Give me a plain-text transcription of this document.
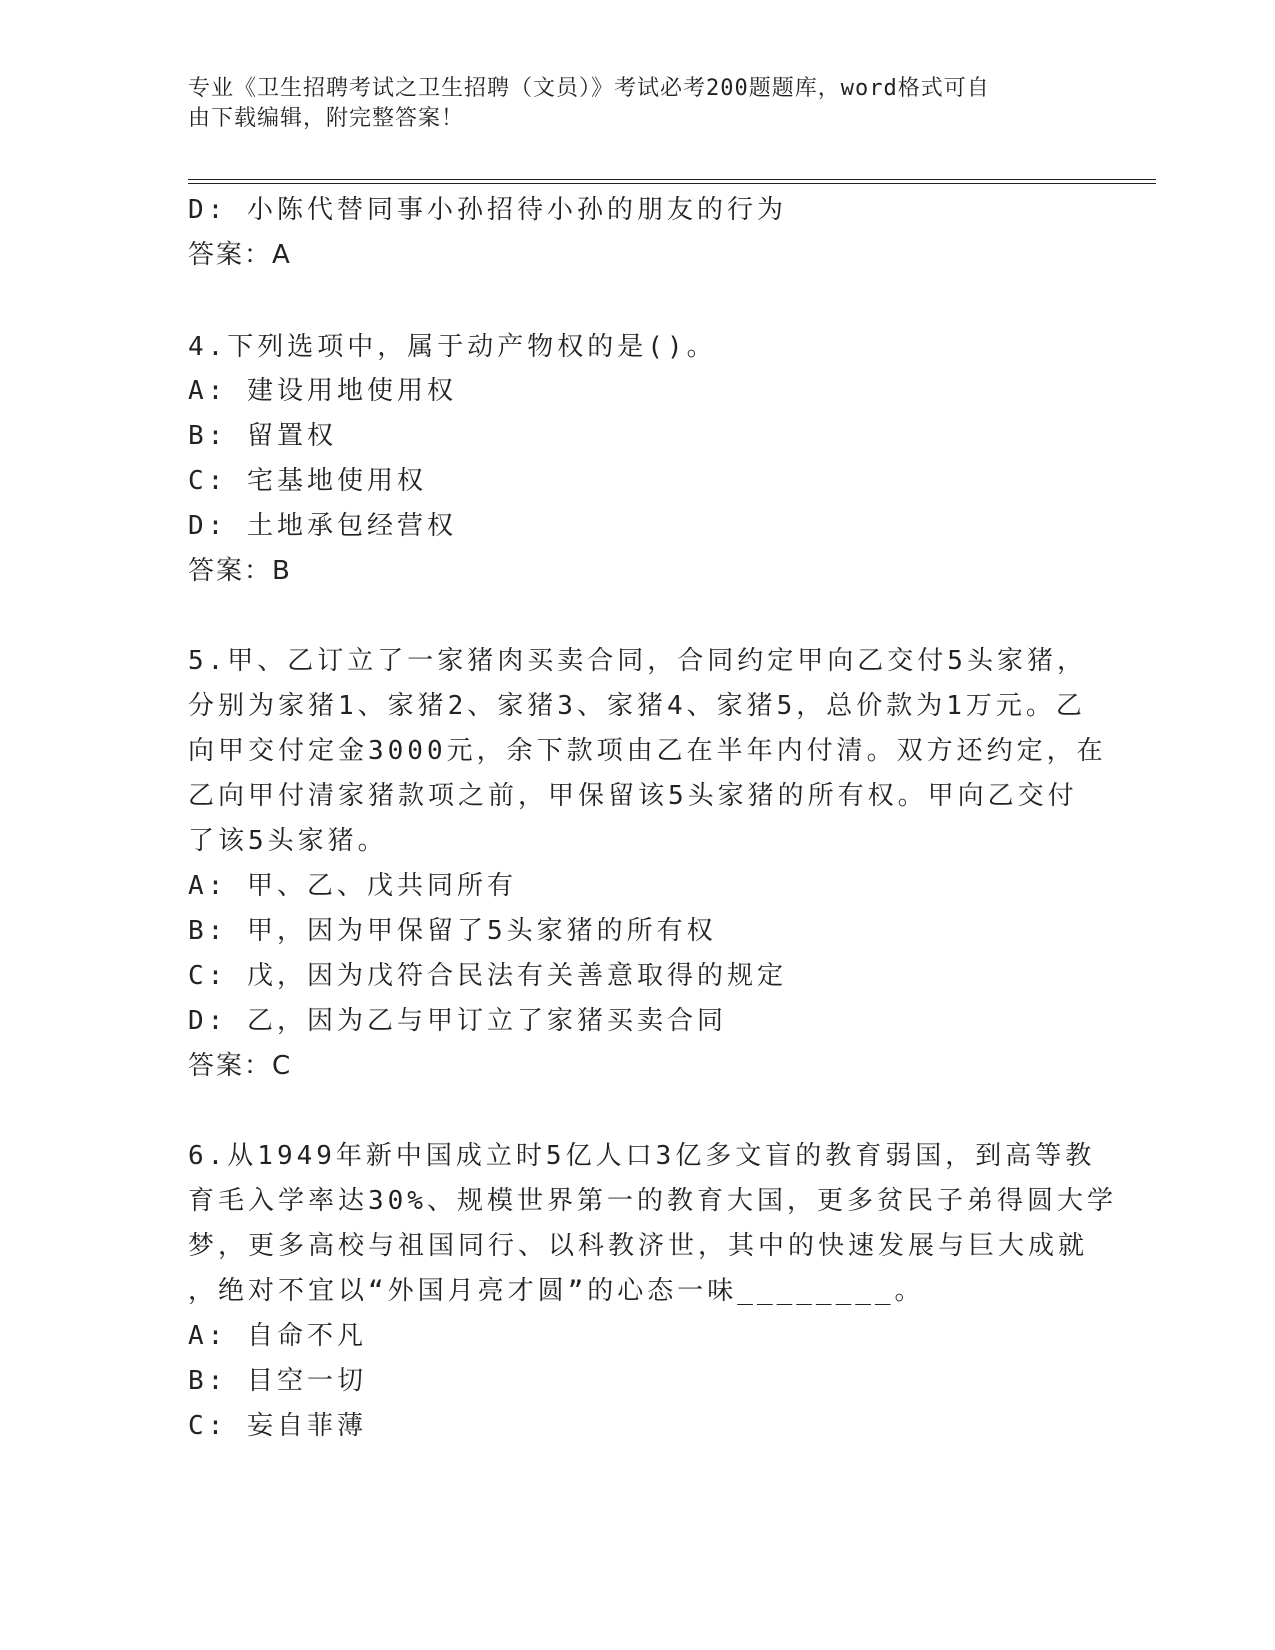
专业《卫生招聘考试之卫生招聘（文员）》考试必考200题题库，word格式可自
由下载编辑，附完整答案！
D: 小陈代替同事小孙招待小孙的朋友的行为
答案：A
4.下列选项中，属于动产物权的是()。
A: 建设用地使用权
B: 留置权
C: 宅基地使用权
D: 土地承包经营权
答案：B
5.甲、乙订立了一家猪肉买卖合同，合同约定甲向乙交付5头家猪，
分别为家猪1、家猪2、家猪3、家猪4、家猪5，总价款为1万元。乙
向甲交付定金3000元，余下款项由乙在半年内付清。双方还约定，在
乙向甲付清家猪款项之前，甲保留该5头家猪的所有权。甲向乙交付
了该5头家猪。
A: 甲、乙、戊共同所有
B: 甲，因为甲保留了5头家猪的所有权
C: 戊，因为戊符合民法有关善意取得的规定
D: 乙，因为乙与甲订立了家猪买卖合同
答案：C
6.从1949年新中国成立时5亿人口3亿多文盲的教育弱国，到高等教
育毛入学率达30%、规模世界第一的教育大国，更多贫民子弟得圆大学
梦，更多高校与祖国同行、以科教济世，其中的快速发展与巨大成就
，绝对不宜以“外国月亮才圆”的心态一味________。
A: 自命不凡
B: 目空一切
C: 妄自菲薄
